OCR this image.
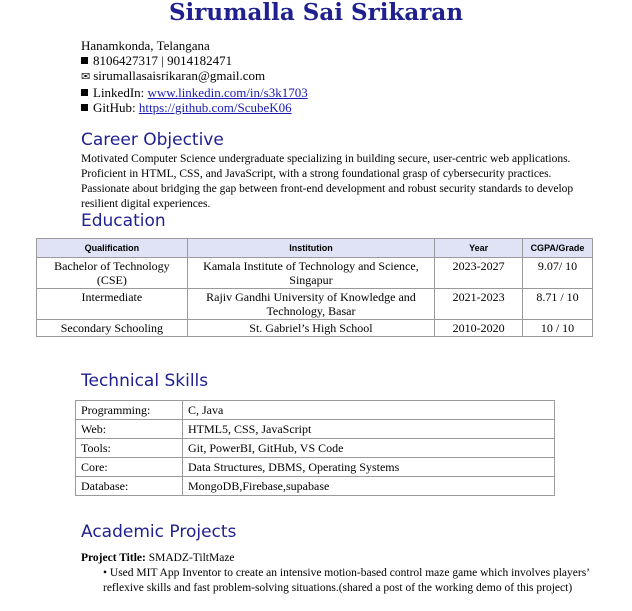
Sirumalla Sai Srikaran
Hanamkonda, Telangana
8106427317 | 9014182471
✉ sirumallasaisrikaran@gmail.com
LinkedIn: www.linkedin.com/in/s3k1703
GitHub: https://github.com/ScubeK06
Career Objective
Motivated Computer Science undergraduate specializing in building secure, user-centric web applications. Proficient in HTML, CSS, and JavaScript, with a strong foundational grasp of cybersecurity practices. Passionate about bridging the gap between front-end development and robust security standards to develop resilient digital experiences.
Education
Qualification	Institution	Year	CGPA/Grade
Bachelor of Technology (CSE)	Kamala Institute of Technology and Science, Singapur	2023-2027	9.07/ 10
Intermediate	Rajiv Gandhi University of Knowledge and Technology, Basar	2021-2023	8.71 / 10
Secondary Schooling	St. Gabriel’s High School	2010-2020	10 / 10
Technical Skills
Programming:	C, Java
Web:	HTML5, CSS, JavaScript
Tools:	Git, PowerBI, GitHub, VS Code
Core:	Data Structures, DBMS, Operating Systems
Database:	MongoDB,Firebase,supabase
Academic Projects
Project Title: SMADZ-TiltMaze
• Used MIT App Inventor to create an intensive motion-based control maze game which involves players’ reflexive skills and fast problem-solving situations.(shared a post of the working demo of this project)
